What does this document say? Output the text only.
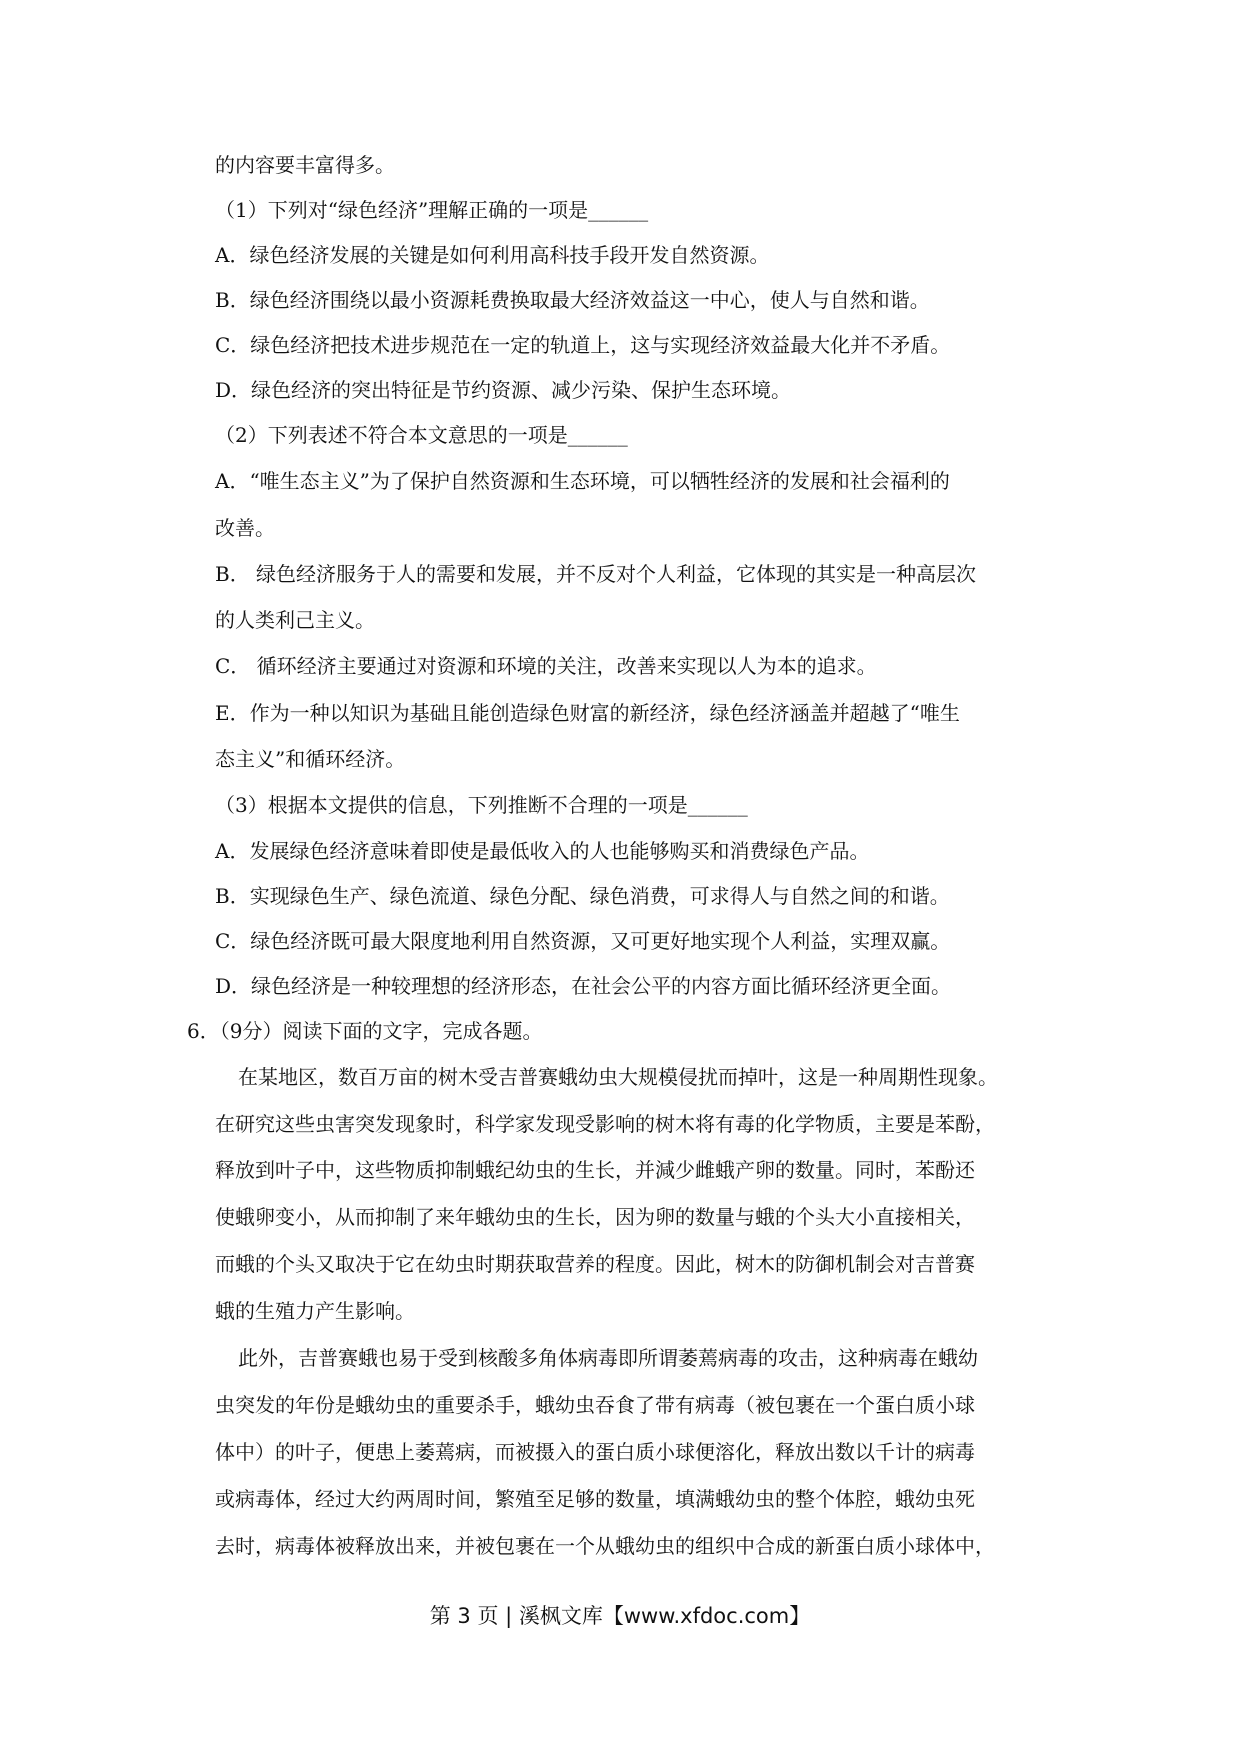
的内容要丰富得多。
（1）下列对“绿色经济”理解正确的一项是______
A．绿色经济发展的关键是如何利用高科技手段开发自然资源。
B．绿色经济围绕以最小资源耗费换取最大经济效益这一中心，使人与自然和谐。
C．绿色经济把技术进步规范在一定的轨道上，这与实现经济效益最大化并不矛盾。
D．绿色经济的突出特征是节约资源、减少污染、保护生态环境。
（2）下列表述不符合本文意思的一项是______
A．“唯生态主义”为了保护自然资源和生态环境，可以牺牲经济的发展和社会福利的
改善。
B． 绿色经济服务于人的需要和发展，并不反对个人利益，它体现的其实是一种高层次
的人类利己主义。
C． 循环经济主要通过对资源和环境的关注，改善来实现以人为本的追求。
E．作为一种以知识为基础且能创造绿色财富的新经济，绿色经济涵盖并超越了“唯生
态主义”和循环经济。
（3）根据本文提供的信息，下列推断不合理的一项是______
A．发展绿色经济意味着即使是最低收入的人也能够购买和消费绿色产品。
B．实现绿色生产、绿色流道、绿色分配、绿色消费，可求得人与自然之间的和谐。
C．绿色经济既可最大限度地利用自然资源，又可更好地实现个人利益，实理双赢。
D．绿色经济是一种较理想的经济形态，在社会公平的内容方面比循环经济更全面。
6．（9分）阅读下面的文字，完成各题。
在某地区，数百万亩的树木受吉普赛蛾幼虫大规模侵扰而掉叶，这是一种周期性现象。
在研究这些虫害突发现象时，科学家发现受影响的树木将有毒的化学物质，主要是苯酚，
释放到叶子中，这些物质抑制蛾纪幼虫的生长，并減少雌蛾产卵的数量。同时，苯酚还
使蛾卵变小，从而抑制了来年蛾幼虫的生长，因为卵的数量与蛾的个头大小直接相关，
而蛾的个头又取决于它在幼虫时期获取营养的程度。因此，树木的防御机制会对吉普赛
蛾的生殖力产生影响。
此外，吉普赛蛾也易于受到核酸多角体病毒即所谓萎蔫病毒的攻击，这种病毒在蛾幼
虫突发的年份是蛾幼虫的重要杀手，蛾幼虫吞食了带有病毒（被包裹在一个蛋白质小球
体中）的叶子，便患上萎蔫病，而被摄入的蛋白质小球便溶化，释放出数以千计的病毒
或病毒体，经过大约两周时间，繁殖至足够的数量，填满蛾幼虫的整个体腔，蛾幼虫死
去时，病毒体被释放出来，并被包裹在一个从蛾幼虫的组织中合成的新蛋白质小球体中，
第 3 页 | 溪枫文库【www.xfdoc.com】
